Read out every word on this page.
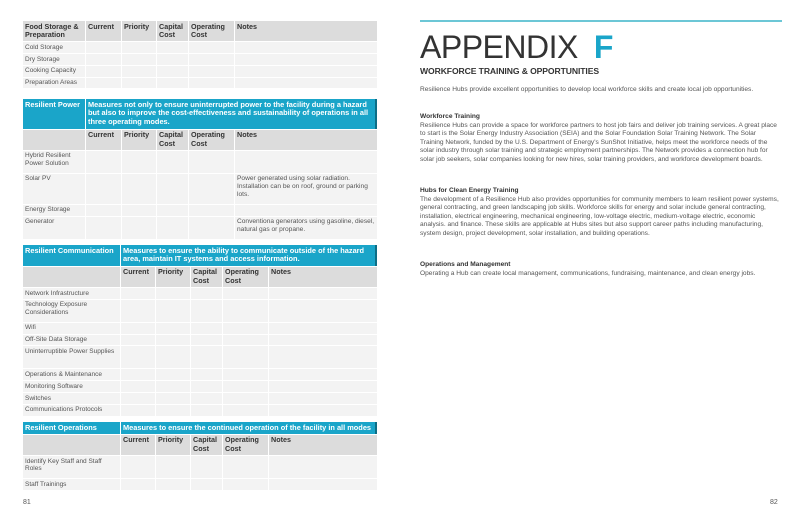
Food Storage & Preparation	Current	Priority	Capital Cost	Operating Cost	Notes
Cold Storage					
Dry Storage					
Cooking Capacity					
Preparation Areas					
Resilient Power	Measures not only to ensure uninterrupted power to the facility during a hazard but also to improve the cost-effectiveness and sustainability of operations in all three operating modes.				
	Current	Priority	Capital Cost	Operating Cost	Notes
Hybrid Resilient Power Solution					
Solar PV					Power generated using solar radiation. Installation can be on roof, ground or parking lots.
Energy Storage					
Generator					Conventiona generators using gasoline, diesel, natural gas or propane.
Resilient Communication	Measures to ensure the ability to communicate outside of the hazard area, maintain IT systems and access information.				
	Current	Priority	Capital Cost	Operating Cost	Notes
Network Infrastructure					
Technology Exposure Considerations					
Wifi					
Off-Site Data Storage					
Uninterruptible Power Supplies					
Operations & Maintenance					
Monitoring Software					
Switches					
Communications Protocols					
Resilient Operations	Measures to ensure the continued operation of the facility in all modes				
	Current	Priority	Capital Cost	Operating Cost	Notes
Identify Key Staff and Staff Roles					
Staff Trainings					
81
APPENDIX F
WORKFORCE TRAINING & OPPORTUNITIES
Resilience Hubs provide excellent opportunities to develop local workforce skills and create local job opportunities.
Workforce Training
Resilience Hubs can provide a space for workforce partners to host job fairs and deliver job training services. A great place to start is the Solar Energy Industry Association (SEIA) and the Solar Foundation Solar Training Network. The Solar Training Network, funded by the U.S. Department of Energy's SunShot Initiative, helps meet the workforce needs of the solar industry through solar training and strategic employment partnerships. The Network provides a connection hub for solar job seekers, solar companies looking for new hires, solar training providers, and workforce development boards.
Hubs for Clean Energy Training
The development of a Resilience Hub also provides opportunities for community members to learn resilient power systems, general contracting, and green landscaping job skills. Workforce skills for energy and solar include general contracting, installation, electrical engineering, mechanical engineering, low-voltage electric, medium-voltage electric, economic analysis. and finance. These skills are applicable at Hubs sites but also support career paths including manufacturing, system design, project development, solar installation, and building operations.
Operations and Management
Operating a Hub can create local management, communications, fundraising, maintenance, and clean energy jobs.
82
